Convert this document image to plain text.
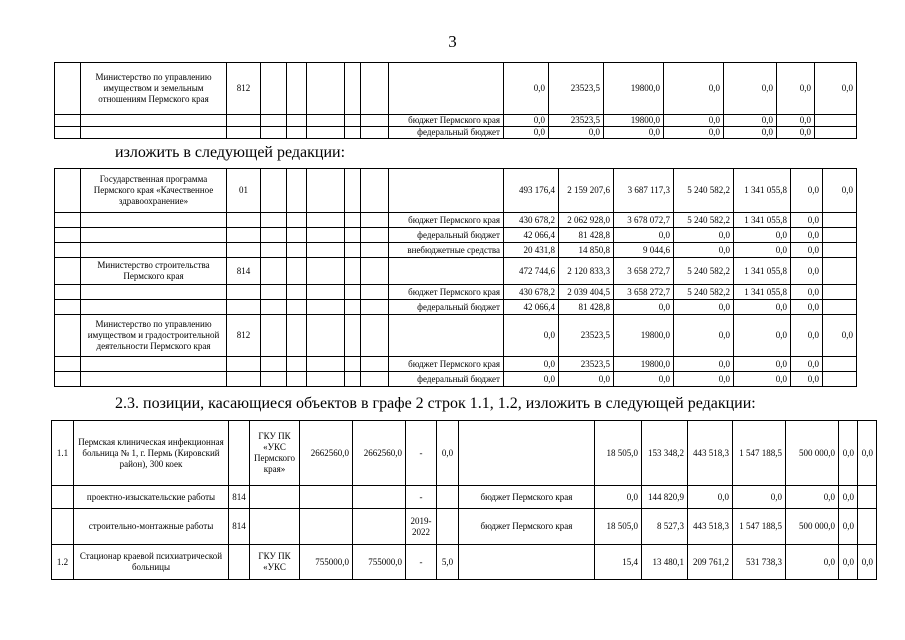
3
	Министерство по управлению имуществом и земельным отношениям Пермского края	812							0,0	23523,5	19800,0	0,0	0,0	0,0	0,0
								бюджет Пермского края	0,0	23523,5	19800,0	0,0	0,0	0,0	
								федеральный бюджет	0,0	0,0	0,0	0,0	0,0	0,0	
изложить в следующей редакции:
	Государственная программа Пермского края «Качественное здравоохранение»	01							493 176,4	2 159 207,6	3 687 117,3	5 240 582,2	1 341 055,8	0,0	0,0
								бюджет Пермского края	430 678,2	2 062 928,0	3 678 072,7	5 240 582,2	1 341 055,8	0,0	
								федеральный бюджет	42 066,4	81 428,8	0,0	0,0	0,0	0,0	
								внебюджетные средства	20 431,8	14 850,8	9 044,6	0,0	0,0	0,0	
	Министерство строительства Пермского края	814							472 744,6	2 120 833,3	3 658 272,7	5 240 582,2	1 341 055,8	0,0	
								бюджет Пермского края	430 678,2	2 039 404,5	3 658 272,7	5 240 582,2	1 341 055,8	0,0	
								федеральный бюджет	42 066,4	81 428,8	0,0	0,0	0,0	0,0	
	Министерство по управлению имуществом и градостроительной деятельности Пермского края	812							0,0	23523,5	19800,0	0,0	0,0	0,0	0,0
								бюджет Пермского края	0,0	23523,5	19800,0	0,0	0,0	0,0	
								федеральный бюджет	0,0	0,0	0,0	0,0	0,0	0,0	
2.3. позиции, касающиеся объектов в графе 2 строк 1.1, 1.2, изложить в следующей редакции:
1.1	Пермская клиническая инфекционная больница № 1, г. Пермь (Кировский район), 300 коек		ГКУ ПК «УКС Пермского края»	2662560,0	2662560,0	-	0,0		18 505,0	153 348,2	443 518,3	1 547 188,5	500 000,0	0,0	0,0
	проектно-изыскательские работы	814				-		бюджет Пермского края	0,0	144 820,9	0,0	0,0	0,0	0,0	
	строительно-монтажные работы	814				2019-2022		бюджет Пермского края	18 505,0	8 527,3	443 518,3	1 547 188,5	500 000,0	0,0	
1.2	Стационар краевой психиатрической больницы		ГКУ ПК «УКС	755000,0	755000,0	-	5,0		15,4	13 480,1	209 761,2	531 738,3	0,0	0,0	0,0
